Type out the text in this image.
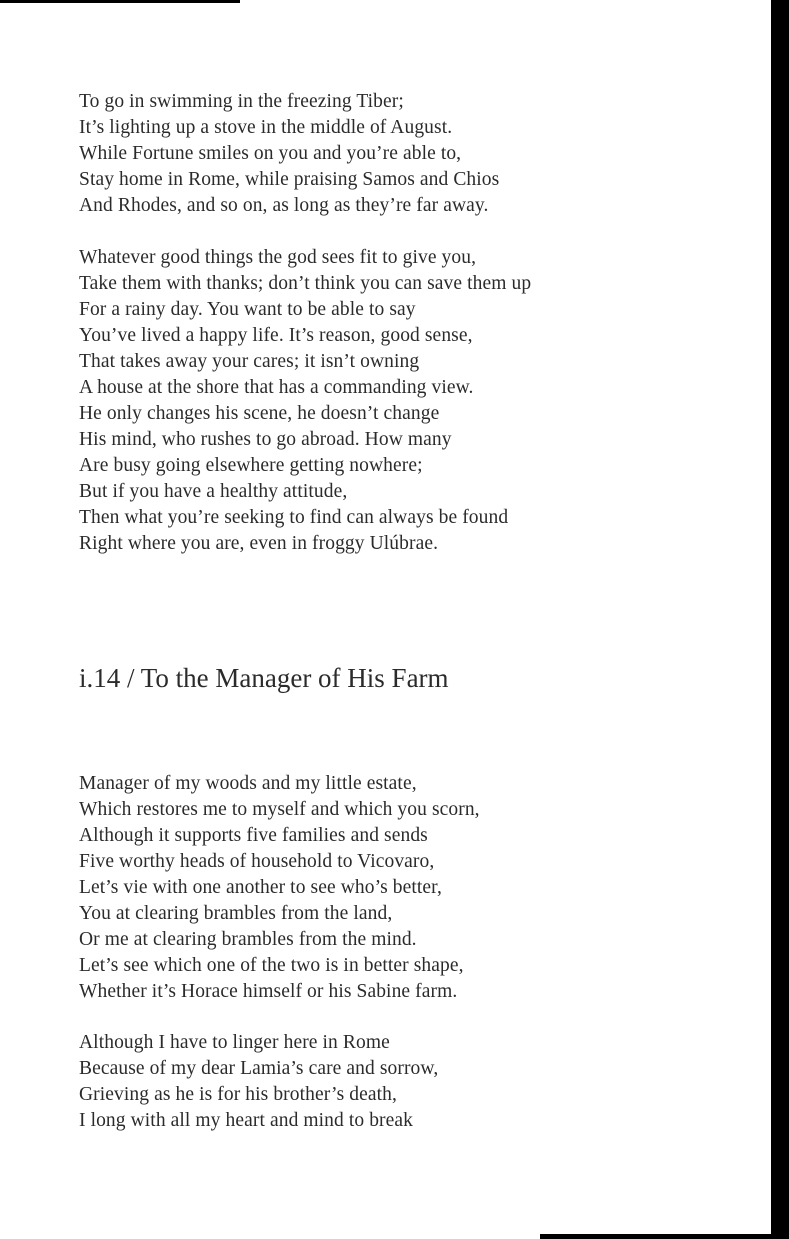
To go in swimming in the freezing Tiber;
It’s lighting up a stove in the middle of August.
While Fortune smiles on you and you’re able to,
Stay home in Rome, while praising Samos and Chios
And Rhodes, and so on, as long as they’re far away.
Whatever good things the god sees fit to give you,
Take them with thanks; don’t think you can save them up
For a rainy day. You want to be able to say
You’ve lived a happy life. It’s reason, good sense,
That takes away your cares; it isn’t owning
A house at the shore that has a commanding view.
He only changes his scene, he doesn’t change
His mind, who rushes to go abroad. How many
Are busy going elsewhere getting nowhere;
But if you have a healthy attitude,
Then what you’re seeking to find can always be found
Right where you are, even in froggy Ulúbrae.
i.14 / To the Manager of His Farm
Manager of my woods and my little estate,
Which restores me to myself and which you scorn,
Although it supports five families and sends
Five worthy heads of household to Vicovaro,
Let’s vie with one another to see who’s better,
You at clearing brambles from the land,
Or me at clearing brambles from the mind.
Let’s see which one of the two is in better shape,
Whether it’s Horace himself or his Sabine farm.
Although I have to linger here in Rome
Because of my dear Lamia’s care and sorrow,
Grieving as he is for his brother’s death,
I long with all my heart and mind to break
